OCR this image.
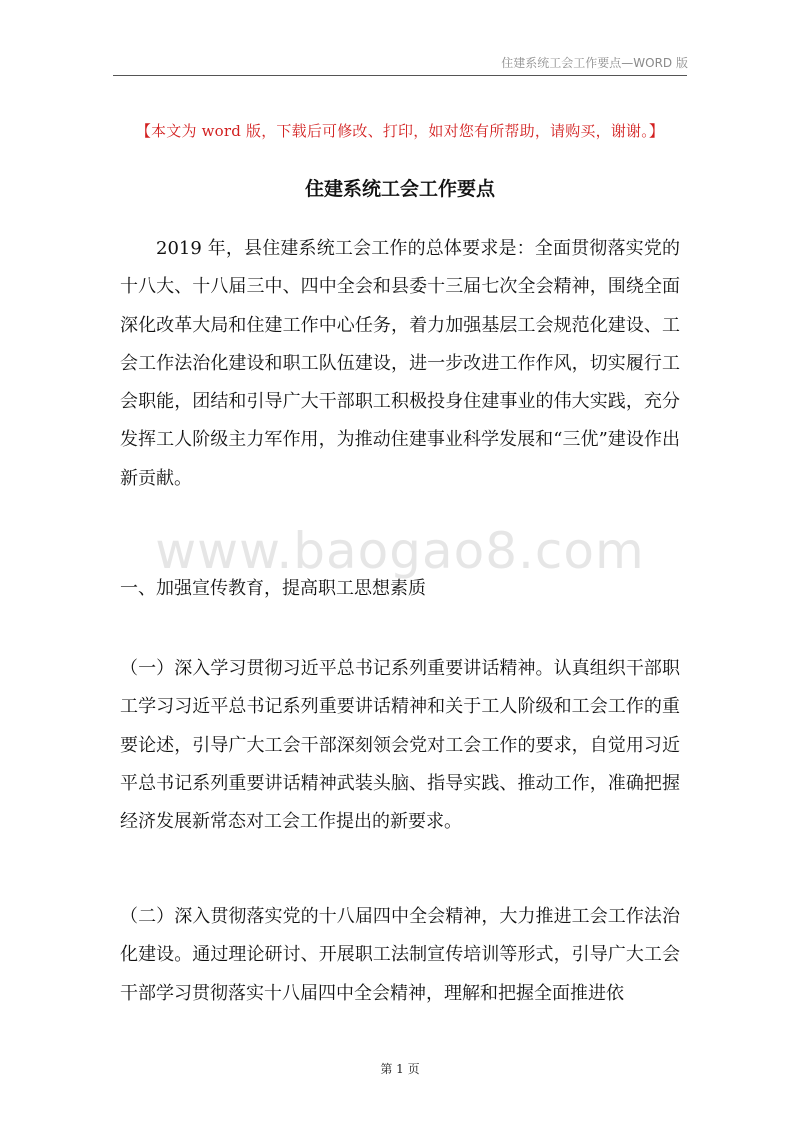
住建系统工会工作要点—WORD 版
【本文为 word 版，下载后可修改、打印，如对您有所帮助，请购买，谢谢。】
住建系统工会工作要点
www.baogao8.com

2019 年，县住建系统工会工作的总体要求是：全面贯彻落实党的十八大、十八届三中、四中全会和县委十三届七次全会精神，围绕全面深化改革大局和住建工作中心任务，着力加强基层工会规范化建设、工会工作法治化建设和职工队伍建设，进一步改进工作作风，切实履行工会职能，团结和引导广大干部职工积极投身住建事业的伟大实践，充分发挥工人阶级主力军作用，为推动住建事业科学发展和“三优”建设作出新贡献。

一、加强宣传教育，提高职工思想素质

（一）深入学习贯彻习近平总书记系列重要讲话精神。认真组织干部职工学习习近平总书记系列重要讲话精神和关于工人阶级和工会工作的重要论述，引导广大工会干部深刻领会党对工会工作的要求，自觉用习近平总书记系列重要讲话精神武装头脑、指导实践、推动工作，准确把握经济发展新常态对工会工作提出的新要求。

（二）深入贯彻落实党的十八届四中全会精神，大力推进工会工作法治化建设。通过理论研讨、开展职工法制宣传培训等形式，引导广大工会干部学习贯彻落实十八届四中全会精神，理解和把握全面推进依

第 1 页
